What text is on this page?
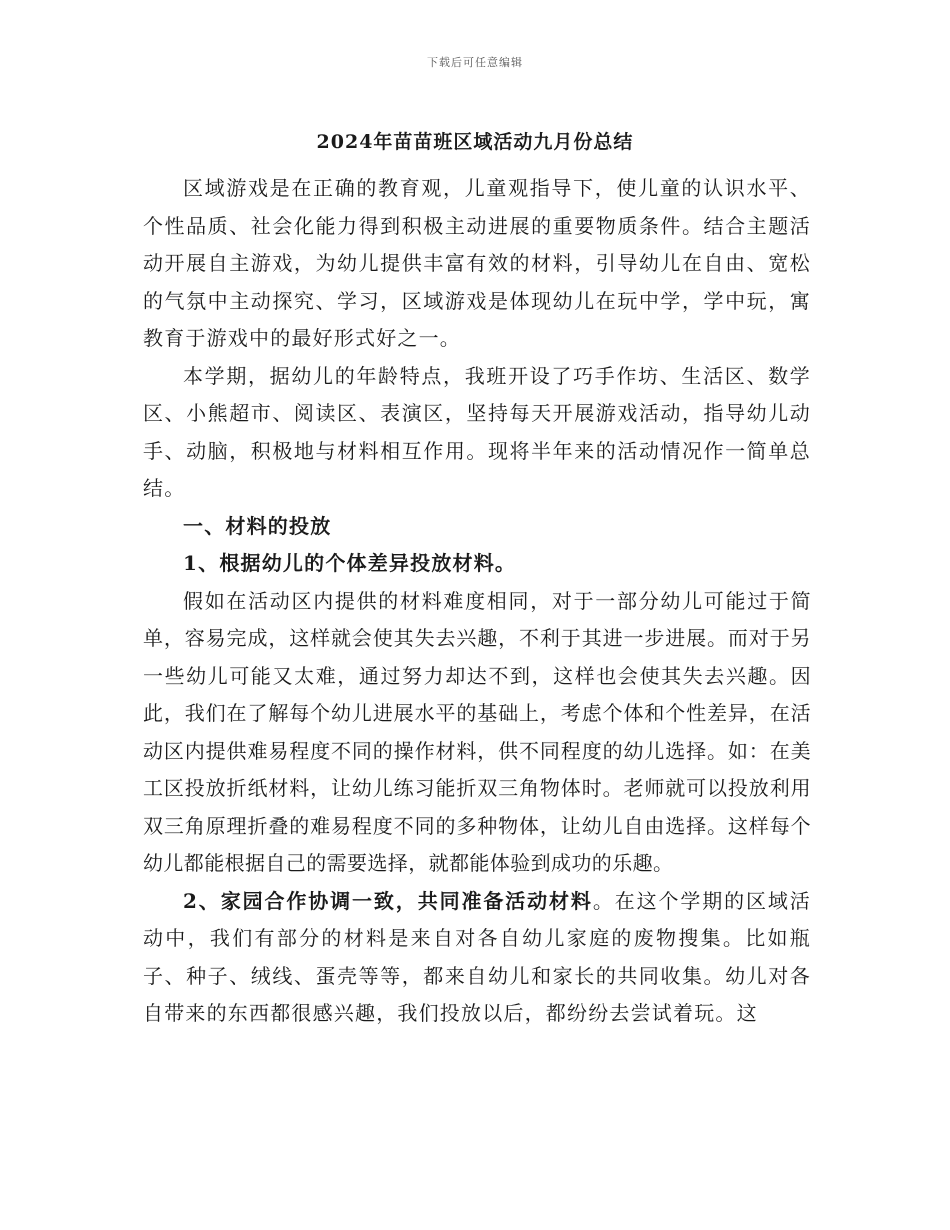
下载后可任意编辑
2024年苗苗班区域活动九月份总结

区域游戏是在正确的教育观，儿童观指导下，使儿童的认识水平、个性品质、社会化能力得到积极主动进展的重要物质条件。结合主题活动开展自主游戏，为幼儿提供丰富有效的材料，引导幼儿在自由、宽松的气氛中主动探究、学习，区域游戏是体现幼儿在玩中学，学中玩，寓教育于游戏中的最好形式好之一。

本学期，据幼儿的年龄特点，我班开设了巧手作坊、生活区、数学区、小熊超市、阅读区、表演区，坚持每天开展游戏活动，指导幼儿动手、动脑，积极地与材料相互作用。现将半年来的活动情况作一简单总结。

一、材料的投放

1、根据幼儿的个体差异投放材料。

假如在活动区内提供的材料难度相同，对于一部分幼儿可能过于简单，容易完成，这样就会使其失去兴趣，不利于其进一步进展。而对于另一些幼儿可能又太难，通过努力却达不到，这样也会使其失去兴趣。因此，我们在了解每个幼儿进展水平的基础上，考虑个体和个性差异，在活动区内提供难易程度不同的操作材料，供不同程度的幼儿选择。如：在美工区投放折纸材料，让幼儿练习能折双三角物体时。老师就可以投放利用双三角原理折叠的难易程度不同的多种物体，让幼儿自由选择。这样每个幼儿都能根据自己的需要选择，就都能体验到成功的乐趣。

2、家园合作协调一致，共同准备活动材料。在这个学期的区域活动中，我们有部分的材料是来自对各自幼儿家庭的废物搜集。比如瓶子、种子、绒线、蛋壳等等，都来自幼儿和家长的共同收集。幼儿对各自带来的东西都很感兴趣，我们投放以后，都纷纷去尝试着玩。这
